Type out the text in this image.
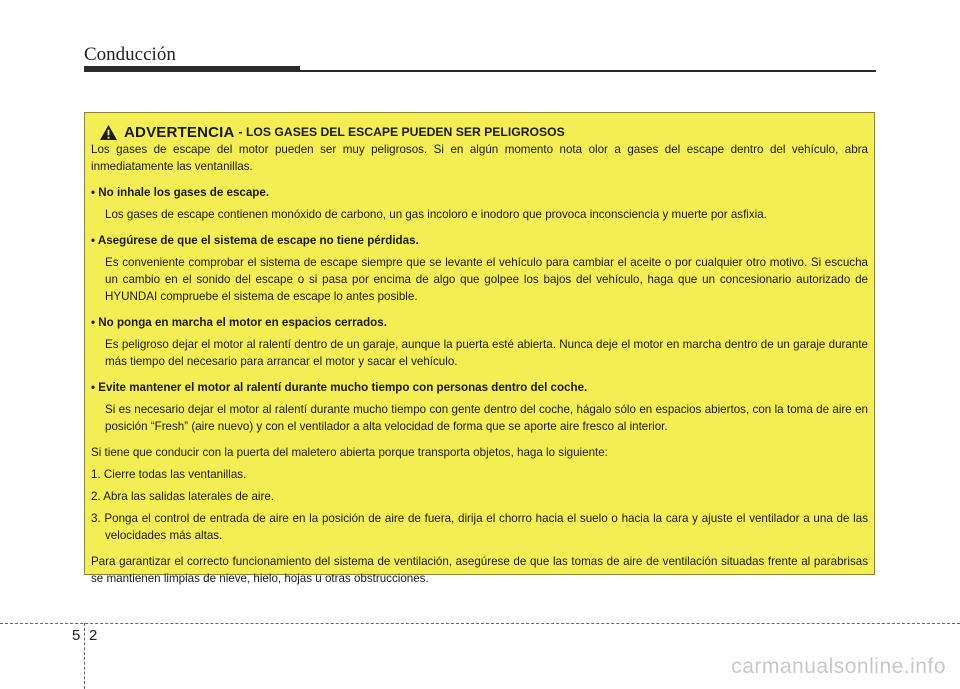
Conducción
ADVERTENCIA - LOS GASES DEL ESCAPE PUEDEN SER PELIGROSOS

Los gases de escape del motor pueden ser muy peligrosos. Si en algún momento nota olor a gases del escape dentro del vehículo, abra inmediatamente las ventanillas.

• No inhale los gases de escape.

Los gases de escape contienen monóxido de carbono, un gas incoloro e inodoro que provoca inconsciencia y muerte por asfixia.

• Asegúrese de que el sistema de escape no tiene pérdidas.

Es conveniente comprobar el sistema de escape siempre que se levante el vehículo para cambiar el aceite o por cualquier otro motivo. Si escucha un cambio en el sonido del escape o si pasa por encima de algo que golpee los bajos del vehículo, haga que un concesionario autorizado de HYUNDAI compruebe el sistema de escape lo antes posible.

• No ponga en marcha el motor en espacios cerrados.

Es peligroso dejar el motor al ralentí dentro de un garaje, aunque la puerta esté abierta. Nunca deje el motor en marcha dentro de un garaje durante más tiempo del necesario para arrancar el motor y sacar el vehículo.

• Evite mantener el motor al ralentí durante mucho tiempo con personas dentro del coche.

Si es necesario dejar el motor al ralentí durante mucho tiempo con gente dentro del coche, hágalo sólo en espacios abiertos, con la toma de aire en posición “Fresh” (aire nuevo) y con el ventilador a alta velocidad de forma que se aporte aire fresco al interior.

Si tiene que conducir con la puerta del maletero abierta porque transporta objetos, haga lo siguiente:

1. Cierre todas las ventanillas.

2. Abra las salidas laterales de aire.

3. Ponga el control de entrada de aire en la posición de aire de fuera, dirija el chorro hacia el suelo o hacia la cara y ajuste el ventilador a una de las velocidades más altas.

Para garantizar el correcto funcionamiento del sistema de ventilación, asegúrese de que las tomas de aire de ventilación situadas frente al parabrisas se mantienen limpias de nieve, hielo, hojas u otras obstrucciones.

5 2
carmanualsonline.info
